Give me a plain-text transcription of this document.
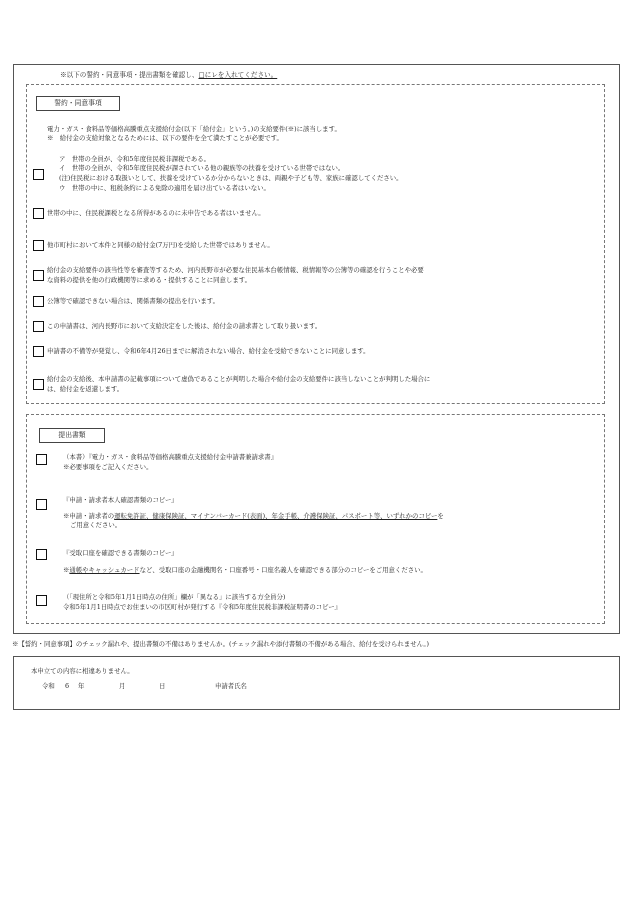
※以下の誓約・同意事項・提出書類を確認し、□にレを入れてください。
誓約・同意事項
電力・ガス・食料品等価格高騰重点支援給付金(以下「給付金」という。)の支給要件(※)に該当します。
※　給付金の支給対象となるためには、以下の要件を全て満たすことが必要です。
ア　世帯の全員が、令和5年度住民税非課税である。
イ　世帯の全員が、令和5年度住民税が課されている他の親族等の扶養を受けている世帯ではない。
(注)住民税における取扱いとして、扶養を受けているか分からないときは、両親や子ども等、家族に確認してください。
ウ　世帯の中に、租税条約による免除の適用を届け出ている者はいない。
世帯の中に、住民税課税となる所得があるのに未申告である者はいません。
他市町村において本件と同様の給付金(7万円)を受給した世帯ではありません。
給付金の支給要件の該当性等を審査等するため、河内長野市が必要な住民基本台帳情報、税情報等の公簿等の確認を行うことや必要
な資料の提供を他の行政機関等に求める・提供することに同意します。
公簿等で確認できない場合は、関係書類の提出を行います。
この申請書は、河内長野市において支給決定をした後は、給付金の請求書として取り扱います。
申請書の不備等が発覚し、令和6年4月26日までに解消されない場合、給付金を受給できないことに同意します。
給付金の支給後、本申請書の記載事項について虚偽であることが判明した場合や給付金の支給要件に該当しないことが判明した場合に
は、給付金を返還します。
提出書類
（本書）『電力・ガス・食料品等価格高騰重点支援給付金申請書兼請求書』
※必要事項をご記入ください。
『申請・請求者本人確認書類のコピー』
※申請・請求者の運転免許証、健康保険証、マイナンバーカード(表面)、年金手帳、介護保険証、パスポート等、いずれかのコピーを
ご用意ください。
『受取口座を確認できる書類のコピー』
※通帳やキャッシュカードなど、受取口座の金融機関名・口座番号・口座名義人を確認できる部分のコピーをご用意ください。
（「現住所と令和5年1月1日時点の住所」欄が「異なる」に該当する方全員分)
令和5年1月1日時点でお住まいの市区町村が発行する『令和5年度住民税非課税証明書のコピー』
※【誓約・同意事項】のチェック漏れや、提出書類の不備はありませんか。(チェック漏れや添付書類の不備がある場合、給付を受けられません。)
本申立ての内容に相違ありません。
令和 6 年	月	日	申請者氏名
